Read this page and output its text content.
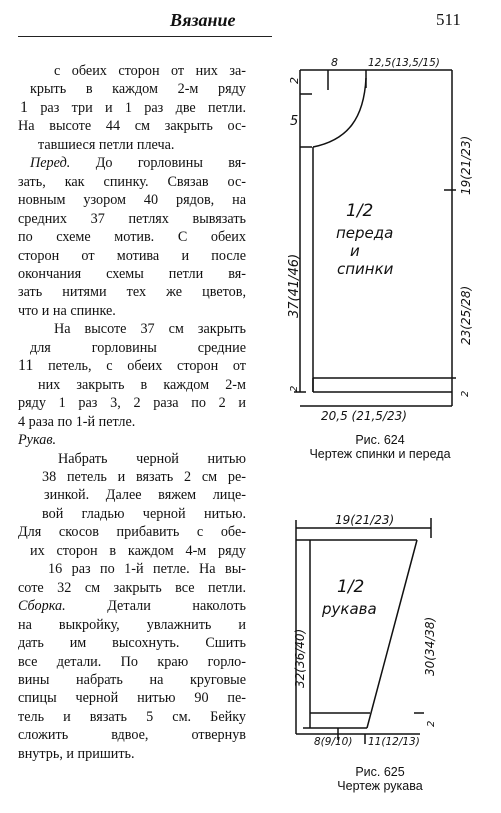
Вязание	511

с обеих сторон от них за-

крыть в каждом 2-м ряду

1 раз три и 1 раз две петли.

На высоте 44 см закрыть ос-

тавшиеся петли плеча.

Перед. До горловины вя-

зать, как спинку. Связав ос-

новным узором 40 рядов, на

средних 37 петлях вывязать

по схеме мотив. С обеих

сторон от мотива и после

окончания схемы петли вя-

зать нитями тех же цветов,

что и на спинке.

На высоте 37 см закрыть

для горловины средние

11 петель, с обеих сторон от

них закрыть в каждом 2-м

ряду 1 раз 3, 2 раза по 2 и

4 раза по 1-й петле.

Рукав.

Набрать черной нитью

38 петель и вязать 2 см ре-

зинкой. Далее вяжем лице-

вой гладью черной нитью.

Для скосов прибавить с обе-

их сторон в каждом 4-м ряду

16 раз по 1-й петле. На вы-

соте 32 см закрыть все петли.

Сборка.	Детали наколоть

на выкройку, увлажнить и

дать им высохнуть. Сшить

все детали. По краю горло-

вины набрать на круговые

спицы черной нитью 90 пе-

тель и вязать 5 см. Бейку

сложить вдвое, отвернув

внутрь, и пришить.

8	12,5(13,5/15)
2
5
37(41/46)
19(21/23)
23(25/28)
2
2
20,5 (21,5/23)
1/2
переда
и
спинки
19(21/23)
32(36/40)	30(34/38)
2
8(9/10) 11(12/13)
1/2
рукава
Рис. 624
Чертеж спинки и переда
Рис. 625
Чертеж рукава
